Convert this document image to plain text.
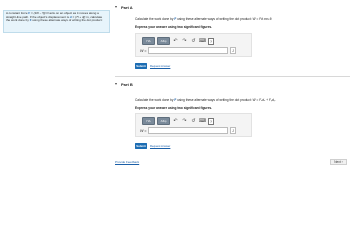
A constant force F = (10î − 5ĵ) N acts on an object as it moves along a straight-line path. If the object's displacement is d = (7î + 4ĵ) m, calculate the work done by F using these alternate ways of writing the dot product:
Part A
Calculate the work done by F using these alternate ways of writing the dot product: W = Fd cos θ.
Express your answer using two significant figures.
ΠΑ	ΑΣφ	↶ ↷ ↺ ⌨ ?
W =	J
Submit	Request Answer
Part B
Calculate the work done by F using these alternate ways of writing the dot product: W = Fₓdₓ + Fᵧdᵧ.
Express your answer using two significant figures.
ΠΑ	ΑΣφ	↶ ↷ ↺ ⌨ ?
W =	J
Submit	Request Answer
Provide Feedback	Next ›
